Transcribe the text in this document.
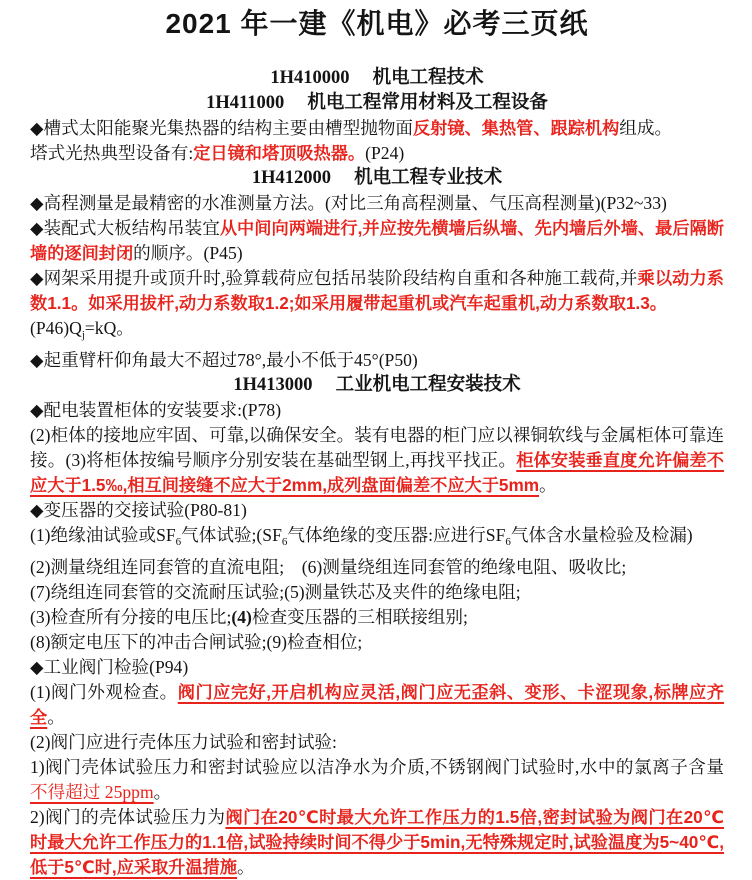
2021 年一建《机电》必考三页纸
1H410000　 机电工程技术
1H411000　 机电工程常用材料及工程设备
◆槽式太阳能聚光集热器的结构主要由槽型抛物面反射镜、集热管、跟踪机构组成。
塔式光热典型设备有:定日镜和塔顶吸热器。(P24)
1H412000　 机电工程专业技术
◆高程测量是最精密的水准测量方法。(对比三角高程测量、气压高程测量)(P32~33)
◆装配式大板结构吊装宜从中间向两端进行,并应按先横墙后纵墙、先内墙后外墙、最后隔断墙的逐间封闭的顺序。(P45)
◆网架采用提升或顶升时,验算载荷应包括吊装阶段结构自重和各种施工载荷,并乘以动力系数1.1。如采用拔杆,动力系数取1.2;如采用履带起重机或汽车起重机,动力系数取1.3。
$(P46)Q_j=kQ$。
◆起重臂杆仰角最大不超过78°,最小不低于45°(P50)
1H413000　 工业机电工程安装技术
◆配电装置柜体的安装要求:(P78)
(2)柜体的接地应牢固、可靠,以确保安全。装有电器的柜门应以裸铜软线与金属柜体可靠连接。(3)将柜体按编号顺序分别安装在基础型钢上,再找平找正。柜体安装垂直度允许偏差不应大于1.5‰,相互间接缝不应大于2mm,成列盘面偏差不应大于5mm。
◆变压器的交接试验(P80-81)
(1)绝缘油试验或$SF_6$气体试验$;(SF_6$气体绝缘的变压器:应进行$SF_6$气体含水量检验及检漏)
(2)测量绕组连同套管的直流电阻;　(6)测量绕组连同套管的绝缘电阻、吸收比;
(7)绕组连同套管的交流耐压试验;(5)测量铁芯及夹件的绝缘电阻;
(3)检查所有分接的电压比;(4)检查变压器的三相联接组别;
(8)额定电压下的冲击合闸试验;(9)检查相位;
◆工业阀门检验(P94)
(1)阀门外观检查。阀门应完好,开启机构应灵活,阀门应无歪斜、变形、卡涩现象,标牌应齐全。
(2)阀门应进行壳体压力试验和密封试验:
1)阀门壳体试验压力和密封试验应以洁净水为介质,不锈钢阀门试验时,水中的氯离子含量　不得超过 25ppm。
2)阀门的壳体试验压力为阀门在20℃时最大允许工作压力的1.5倍,密封试验为阀门在20℃时最大允许工作压力的1.1倍,试验持续时间不得少于5min,无特殊规定时,试验温度为5~40℃,低于5℃时,应采取升温措施。
